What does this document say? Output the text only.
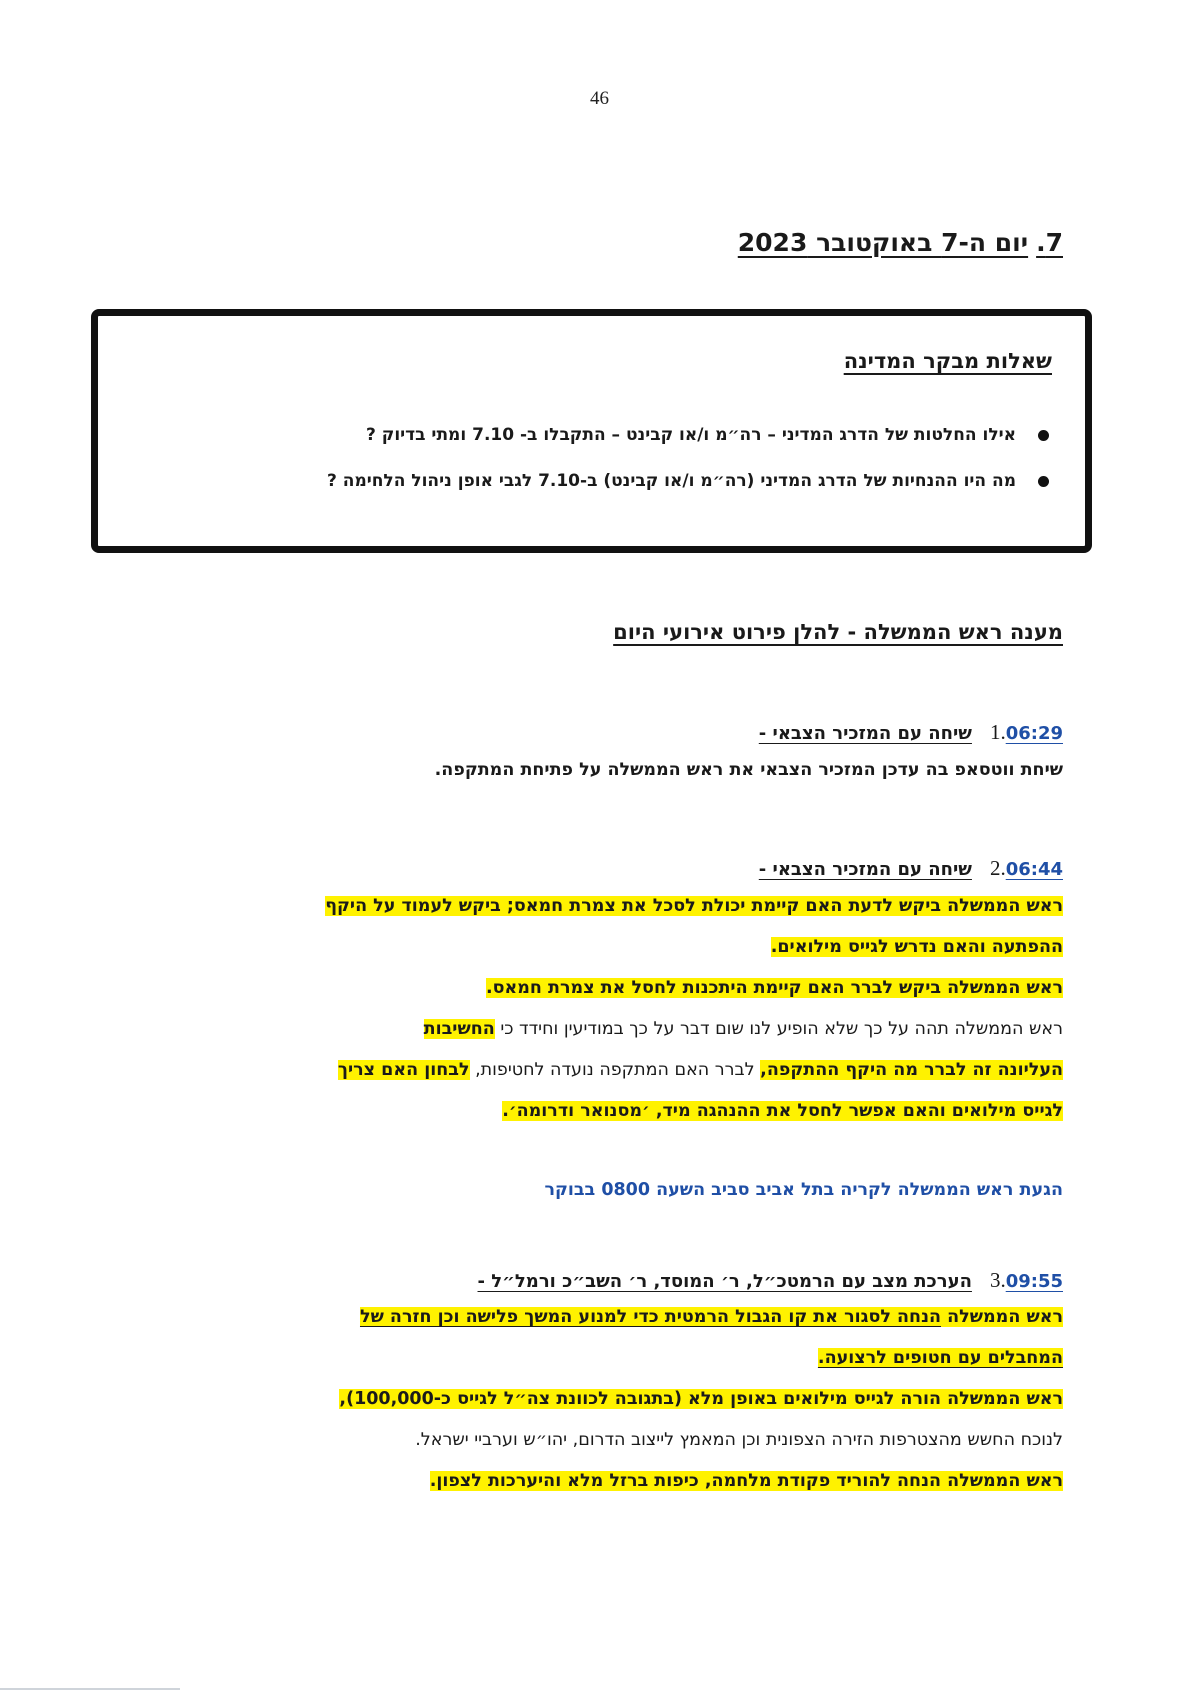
46
7.יום ה-7 באוקטובר 2023
שאלות מבקר המדינה
אילו החלטות של הדרג המדיני – רה״מ ו/או קבינט – התקבלו ב- 7.10 ומתי בדיוק ?
מה היו ההנחיות של הדרג המדיני (רה״מ ו/או קבינט) ב-7.10 לגבי אופן ניהול הלחימה ?
מענה ראש הממשלה - להלן פירוט אירועי היום
1.06:29שיחה עם המזכיר הצבאי -
שיחת ווטסאפ בה עדכן המזכיר הצבאי את ראש הממשלה על פתיחת המתקפה.
2.06:44שיחה עם המזכיר הצבאי -
ראש הממשלה ביקש לדעת האם קיימת יכולת לסכל את צמרת חמאס; ביקש לעמוד על היקף
ההפתעה והאם נדרש לגייס מילואים.
ראש הממשלה ביקש לברר האם קיימת היתכנות לחסל את צמרת חמאס.
ראש הממשלה תהה על כך שלא הופיע לנו שום דבר על כך במודיעין וחידד כי החשיבות
העליונה זה לברר מה היקף ההתקפה, לברר האם המתקפה נועדה לחטיפות, לבחון האם צריך
לגייס מילואים והאם אפשר לחסל את ההנהגה מיד, ׳מסנואר ודרומה׳.
הגעת ראש הממשלה לקריה בתל אביב סביב השעה 0800 בבוקר
3.09:55הערכת מצב עם הרמטכ״ל, ר׳ המוסד, ר׳ השב״כ ורמל״ל -
ראש הממשלה הנחה לסגור את קו הגבול הרמטית כדי למנוע המשך פלישה וכן חזרה של
המחבלים עם חטופים לרצועה.
ראש הממשלה הורה לגייס מילואים באופן מלא (בתגובה לכוונת צה״ל לגייס כ-100,000),
לנוכח החשש מהצטרפות הזירה הצפונית וכן המאמץ לייצוב הדרום, יהו״ש וערביי ישראל.
ראש הממשלה הנחה להוריד פקודת מלחמה, כיפות ברזל מלא והיערכות לצפון.
